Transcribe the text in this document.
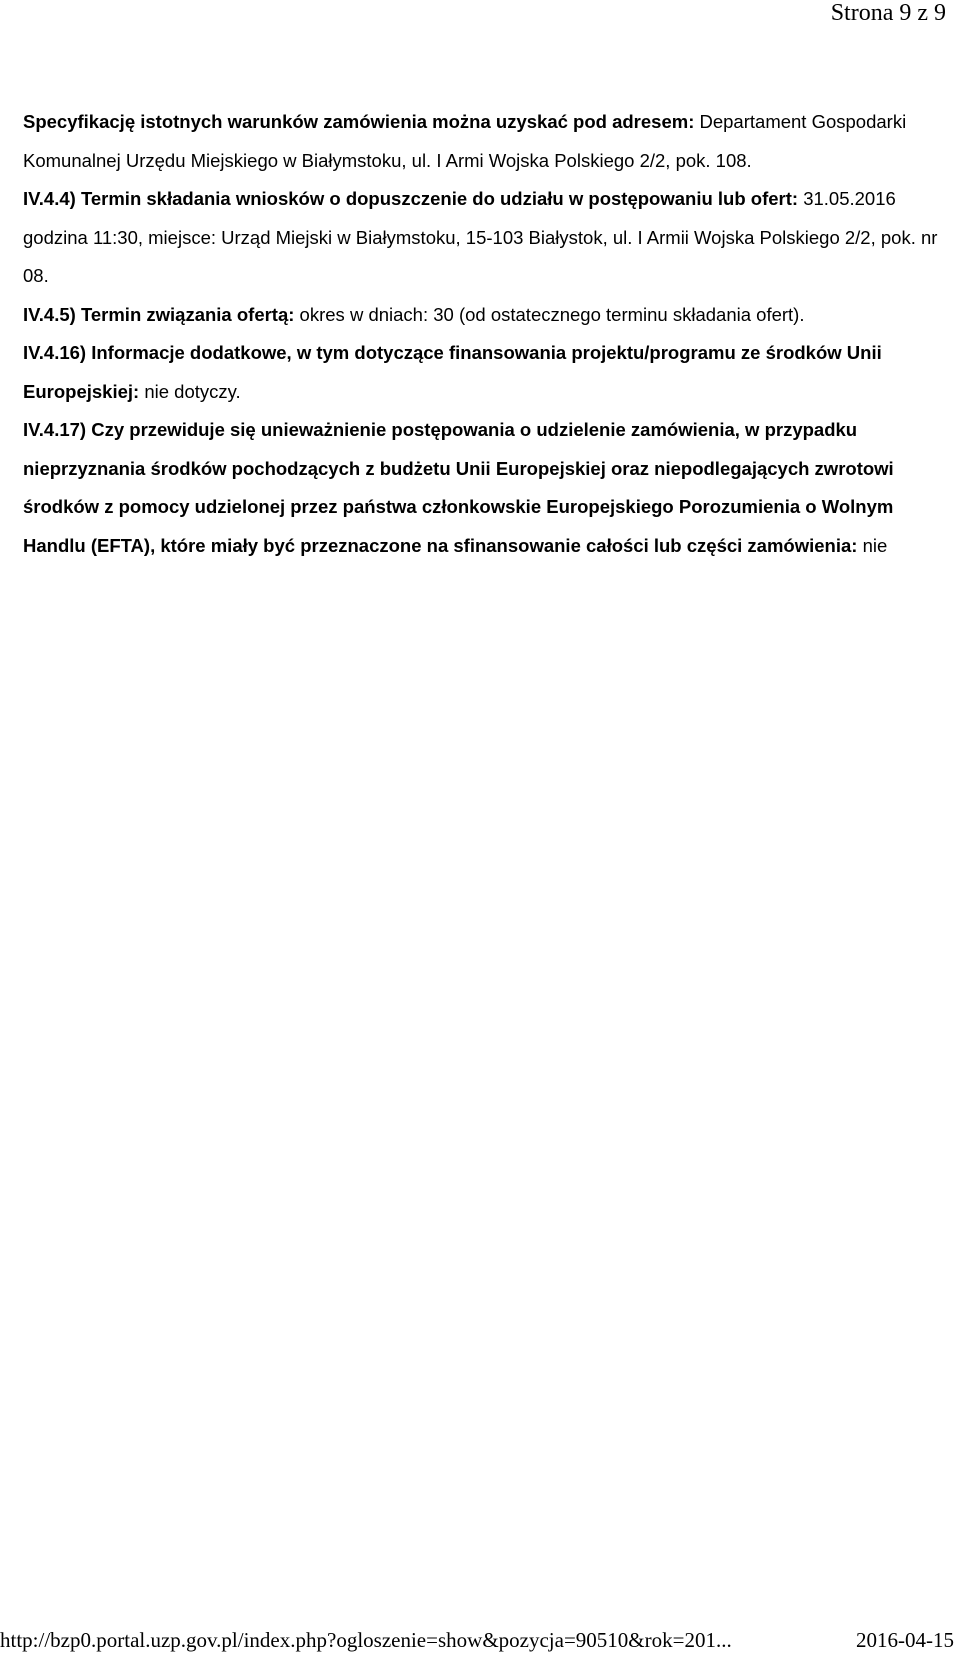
Strona 9 z 9

Specyfikację istotnych warunków zamówienia można uzyskać pod adresem: Departament Gospodarki Komunalnej Urzędu Miejskiego w Białymstoku, ul. I Armi Wojska Polskiego 2/2, pok. 108.

IV.4.4) Termin składania wniosków o dopuszczenie do udziału w postępowaniu lub ofert: 31.05.2016 godzina 11:30, miejsce: Urząd Miejski w Białymstoku, 15-103 Białystok, ul. I Armii Wojska Polskiego 2/2, pok. nr 08.

IV.4.5) Termin związania ofertą: okres w dniach: 30 (od ostatecznego terminu składania ofert).

IV.4.16) Informacje dodatkowe, w tym dotyczące finansowania projektu/programu ze środków Unii Europejskiej: nie dotyczy.

IV.4.17) Czy przewiduje się unieważnienie postępowania o udzielenie zamówienia, w przypadku nieprzyznania środków pochodzących z budżetu Unii Europejskiej oraz niepodlegających zwrotowi środków z pomocy udzielonej przez państwa członkowskie Europejskiego Porozumienia o Wolnym Handlu (EFTA), które miały być przeznaczone na sfinansowanie całości lub części zamówienia: nie

http://bzp0.portal.uzp.gov.pl/index.php?ogloszenie=show&pozycja=90510&rok=201...	2016-04-15
